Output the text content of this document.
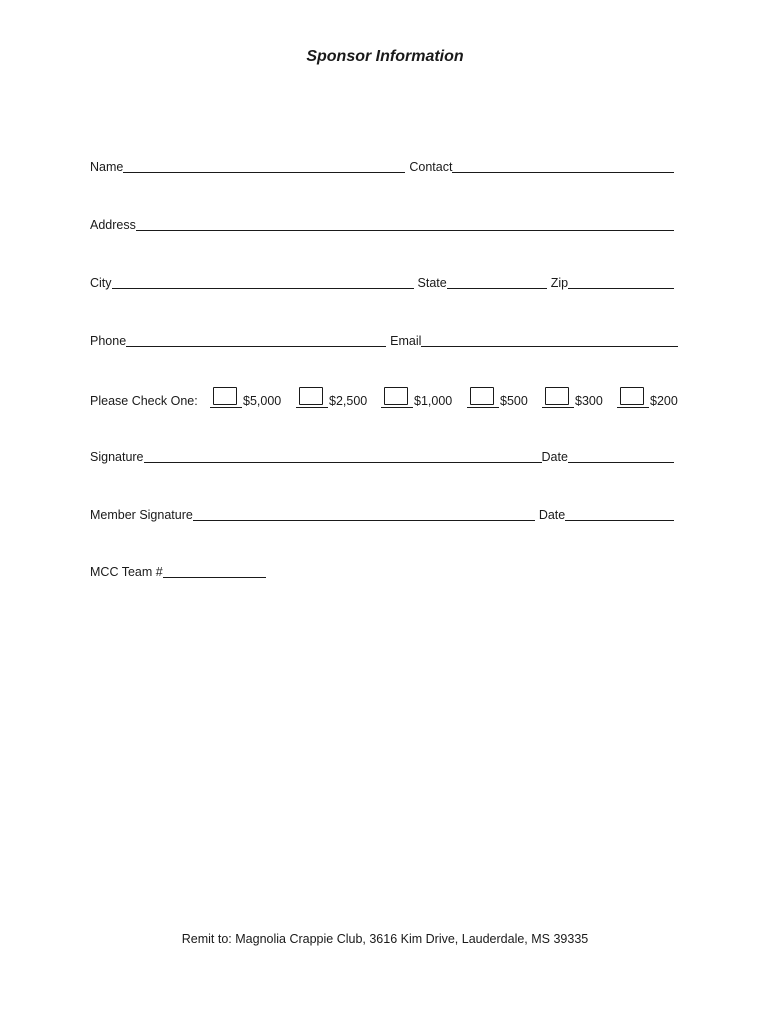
Sponsor Information
Name	Contact
Address
City	State	Zip
Phone	Email
Please Check One:	$5,000	$2,500	$1,000	$500	$300	$200
Signature	Date
Member Signature	Date
MCC Team #
Remit to: Magnolia Crappie Club, 3616 Kim Drive, Lauderdale, MS 39335
